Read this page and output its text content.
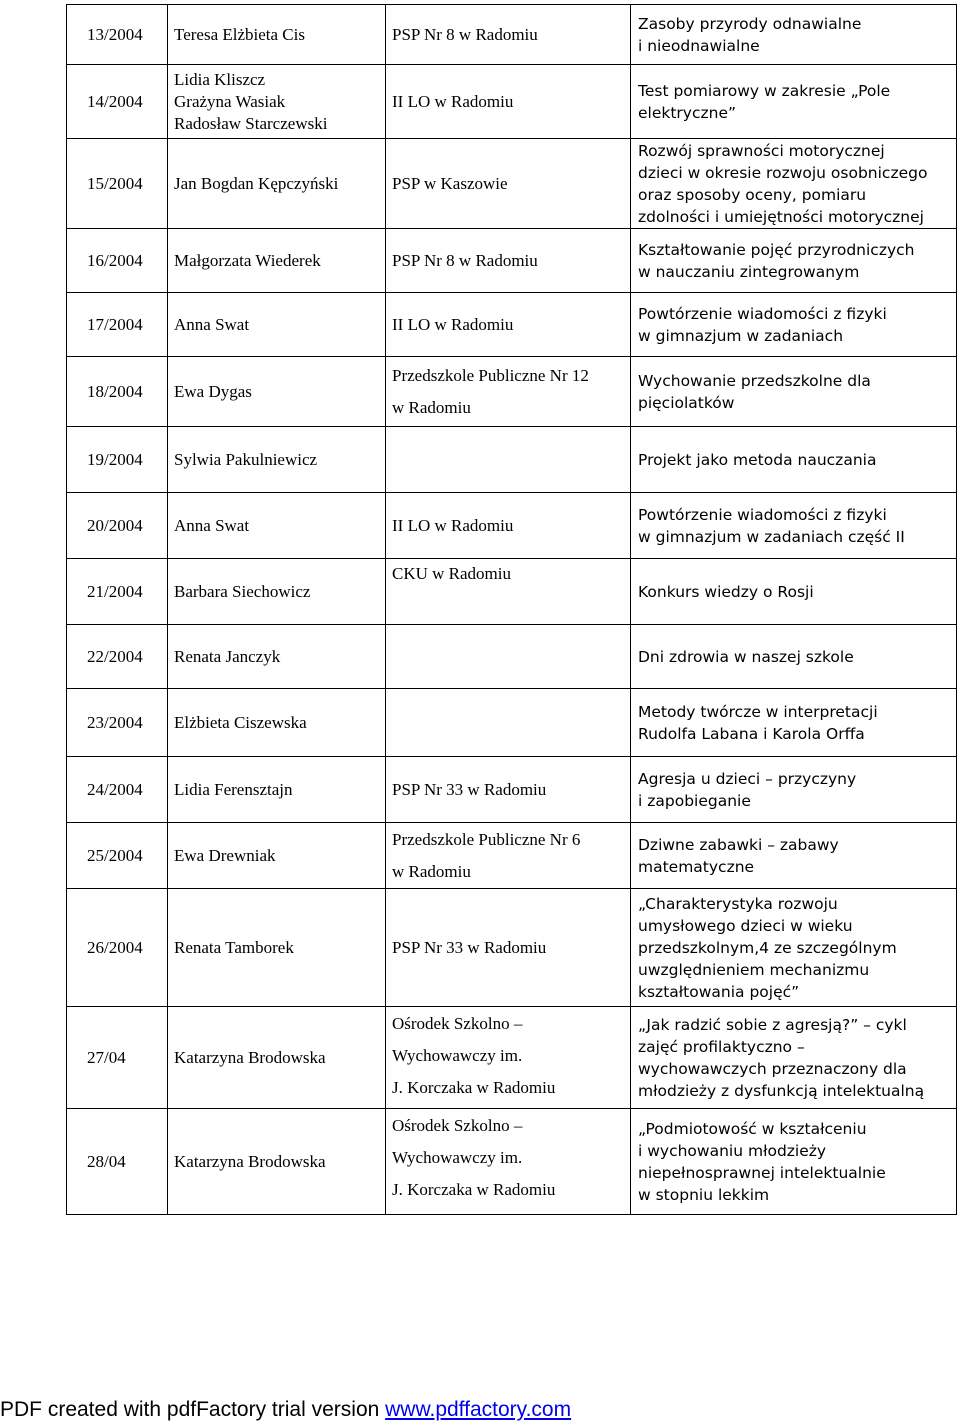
13/2004	Teresa Elżbieta Cis	PSP Nr 8 w Radomiu	Zasoby przyrody odnawialne
i nieodnawialne

14/2004	Lidia Kliszcz
Grażyna Wasiak
Radosław Starczewski	II LO w Radomiu	Test pomiarowy w zakresie „Pole
elektryczne”

15/2004	Jan Bogdan Kępczyński	PSP w Kaszowie	Rozwój sprawności motorycznej
dzieci w okresie rozwoju osobniczego
oraz sposoby oceny, pomiaru
zdolności i umiejętności motorycznej

16/2004	Małgorzata Wiederek	PSP Nr 8 w Radomiu	Kształtowanie pojęć przyrodniczych
w nauczaniu zintegrowanym

17/2004	Anna Swat	II LO w Radomiu	Powtórzenie wiadomości z fizyki
w gimnazjum w zadaniach

18/2004	Ewa Dygas	Przedszkole Publiczne Nr 12
w Radomiu	Wychowanie przedszkolne dla
pięciolatków

19/2004	Sylwia Pakulniewicz		Projekt jako metoda nauczania

20/2004	Anna Swat	II LO w Radomiu	Powtórzenie wiadomości z fizyki
w gimnazjum w zadaniach część II

21/2004	Barbara Siechowicz	CKU w Radomiu	Konkurs wiedzy o Rosji

22/2004	Renata Janczyk		Dni zdrowia w naszej szkole

23/2004	Elżbieta Ciszewska		Metody twórcze w interpretacji
Rudolfa Labana i Karola Orffa

24/2004	Lidia Ferensztajn	PSP Nr 33 w Radomiu	Agresja u dzieci – przyczyny
i zapobieganie

25/2004	Ewa Drewniak	Przedszkole Publiczne Nr 6
w Radomiu	Dziwne zabawki – zabawy
matematyczne

26/2004	Renata Tamborek	PSP Nr 33 w Radomiu	„Charakterystyka rozwoju
umysłowego dzieci w wieku
przedszkolnym,4 ze szczególnym
uwzględnieniem mechanizmu
kształtowania pojęć”

27/04	Katarzyna Brodowska	Ośrodek Szkolno –
Wychowawczy im.
J. Korczaka w Radomiu	„Jak radzić sobie z agresją?” – cykl
zajęć profilaktyczno –
wychowawczych przeznaczony dla
młodzieży z dysfunkcją intelektualną

28/04	Katarzyna Brodowska	Ośrodek Szkolno –
Wychowawczy im.
J. Korczaka w Radomiu	„Podmiotowość w kształceniu
i wychowaniu młodzieży
niepełnosprawnej intelektualnie
w stopniu lekkim
PDF created with pdfFactory trial version www.pdffactory.com
